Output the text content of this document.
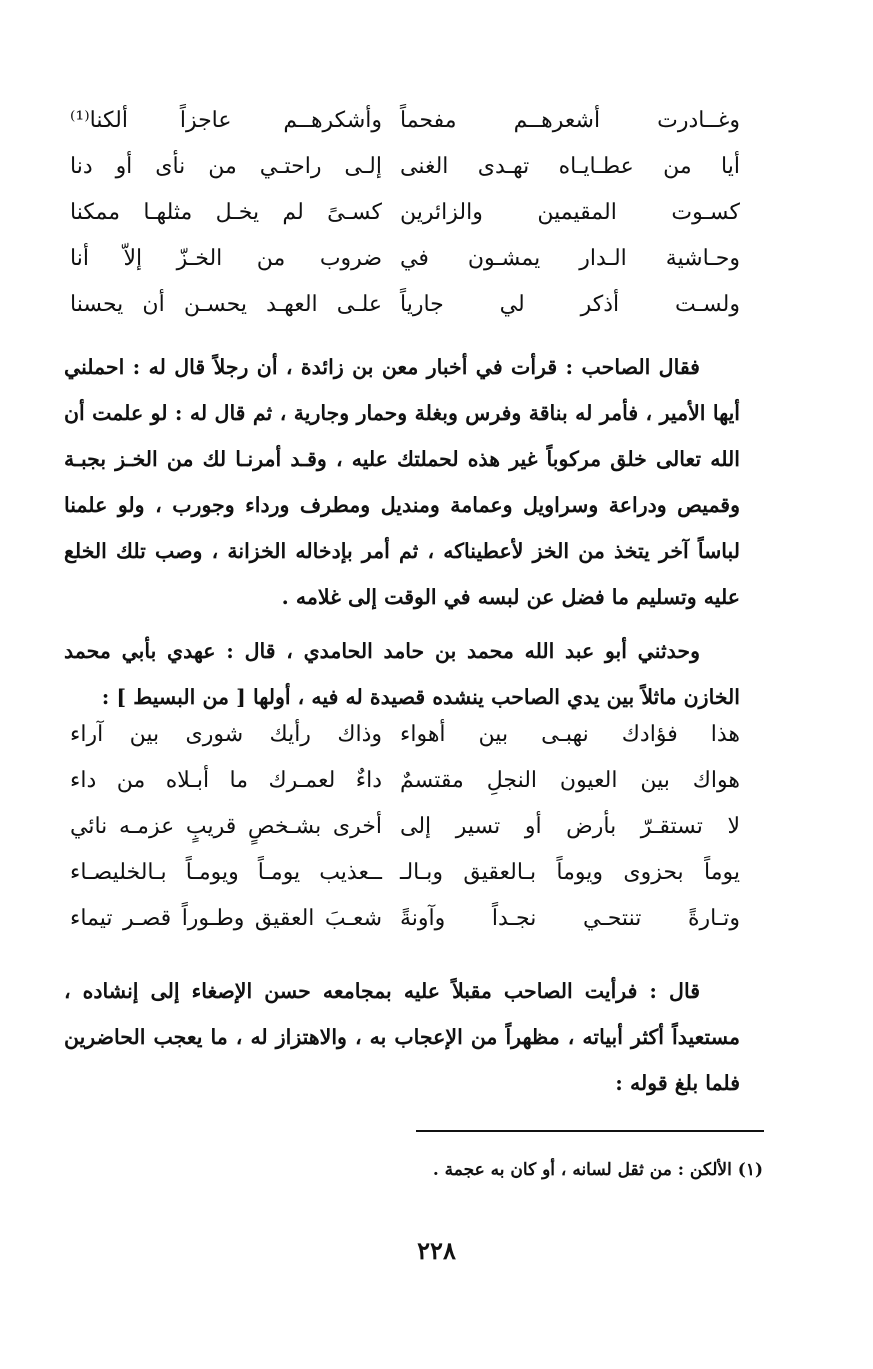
وغــادرت أشعرهــم مفحماً
وأشكرهــم عاجزاً ألكنا⁽¹⁾
أيا من عطـايـاه تهـدى الغنى
إلـى راحتـي من نأى أو دنا
كسـوت المقيمين والزائرين
كسـىً لم يخـل مثلهـا ممكنا
وحـاشية الـدار يمشـون في
ضروب من الخـزّ إلاّ أنا
ولسـت أذكر لي جارياً
علـى العهـد يحسـن أن يحسنا

فقال الصاحب : قرأت في أخبار معن بن زائدة ، أن رجلاً قال له : احملني أيها الأمير ، فأمر له بناقة وفرس وبغلة وحمار وجارية ، ثم قال له : لو علمت أن الله تعالى خلق مركوباً غير هذه لحملتك عليه ، وقـد أمرنـا لك من الخـز بجبـة وقميص ودراعة وسراويل وعمامة ومنديل ومطرف ورداء وجورب ، ولو علمنا لباساً آخر يتخذ من الخز لأعطيناكه ، ثم أمر بإدخاله الخزانة ، وصب تلك الخلع عليه وتسليم ما فضل عن لبسه في الوقت إلى غلامه .

وحدثني أبو عبد الله محمد بن حامد الحامدي ، قال : عهدي بأبي محمد الخازن ماثلاً بين يدي الصاحب ينشده قصيدة له فيه ، أولها [ من البسيط ] :

هذا فؤادك نهبـى بين أهواء
وذاك رأيك شورى بين آراء
هواك بين العيون النجلِ مقتسمٌ
داءٌ لعمـرك ما أبـلاه من داء
لا تستقـرّ بأرض أو تسير إلى
أخرى بشـخصٍ قريبٍ عزمـه نائي
يوماً بحزوى ويوماً بـالعقيق وبـالـ
ــعذيب يومـاً ويومـاً بـالخليصـاء
وتـارةً تنتحـي نجـداً وآونةً
شعـبَ العقيق وطـوراً قصـر تيماء

قال : فرأيت الصاحب مقبلاً عليه بمجامعه حسن الإصغاء إلى إنشاده ، مستعيداً أكثر أبياته ، مظهراً من الإعجاب به ، والاهتزاز له ، ما يعجب الحاضرين فلما بلغ قوله :

(١) الألكن : من ثقل لسانه ، أو كان به عجمة .
٢٢٨
